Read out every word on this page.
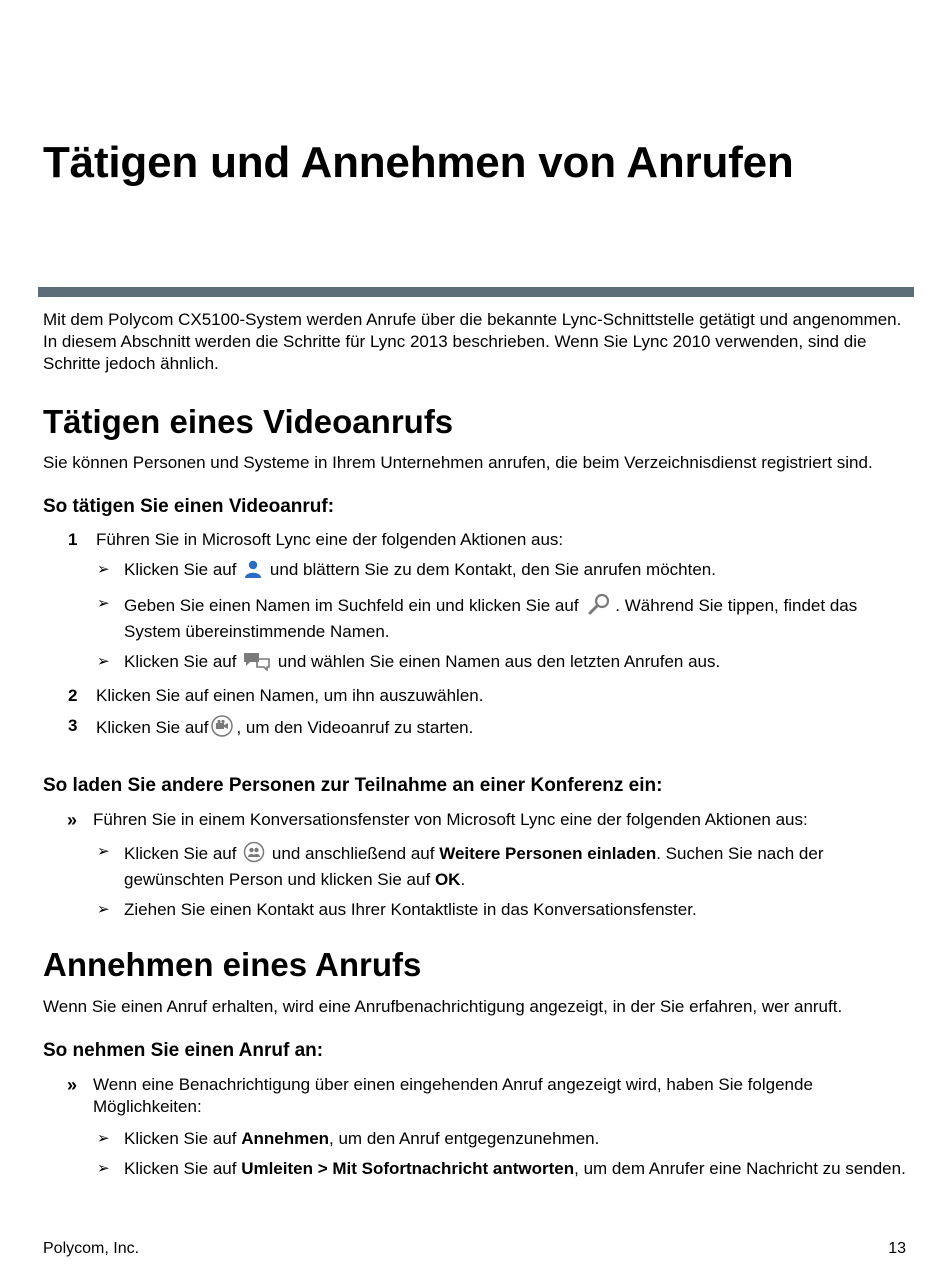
Tätigen und Annehmen von Anrufen

Mit dem Polycom CX5100-System werden Anrufe über die bekannte Lync-Schnittstelle getätigt und angenommen. In diesem Abschnitt werden die Schritte für Lync 2013 beschrieben. Wenn Sie Lync 2010 verwenden, sind die Schritte jedoch ähnlich.

Tätigen eines Videoanrufs

Sie können Personen und Systeme in Ihrem Unternehmen anrufen, die beim Verzeichnisdienst registriert sind.

So tätigen Sie einen Videoanruf:
1 Führen Sie in Microsoft Lync eine der folgenden Aktionen aus:
➢ Klicken Sie auf und blättern Sie zu dem Kontakt, den Sie anrufen möchten.
➢ Geben Sie einen Namen im Suchfeld ein und klicken Sie auf . Während Sie tippen, findet das System übereinstimmende Namen.
➢ Klicken Sie auf und wählen Sie einen Namen aus den letzten Anrufen aus.
2 Klicken Sie auf einen Namen, um ihn auszuwählen.
3 Klicken Sie auf , um den Videoanruf zu starten.
So laden Sie andere Personen zur Teilnahme an einer Konferenz ein:
» Führen Sie in einem Konversationsfenster von Microsoft Lync eine der folgenden Aktionen aus:
➢ Klicken Sie auf und anschließend auf Weitere Personen einladen. Suchen Sie nach der gewünschten Person und klicken Sie auf OK.
➢ Ziehen Sie einen Kontakt aus Ihrer Kontaktliste in das Konversationsfenster.
Annehmen eines Anrufs

Wenn Sie einen Anruf erhalten, wird eine Anrufbenachrichtigung angezeigt, in der Sie erfahren, wer anruft.

So nehmen Sie einen Anruf an:
» Wenn eine Benachrichtigung über einen eingehenden Anruf angezeigt wird, haben Sie folgende Möglichkeiten:
➢ Klicken Sie auf Annehmen, um den Anruf entgegenzunehmen.
➢ Klicken Sie auf Umleiten > Mit Sofortnachricht antworten, um dem Anrufer eine Nachricht zu senden.
Polycom, Inc.	13
